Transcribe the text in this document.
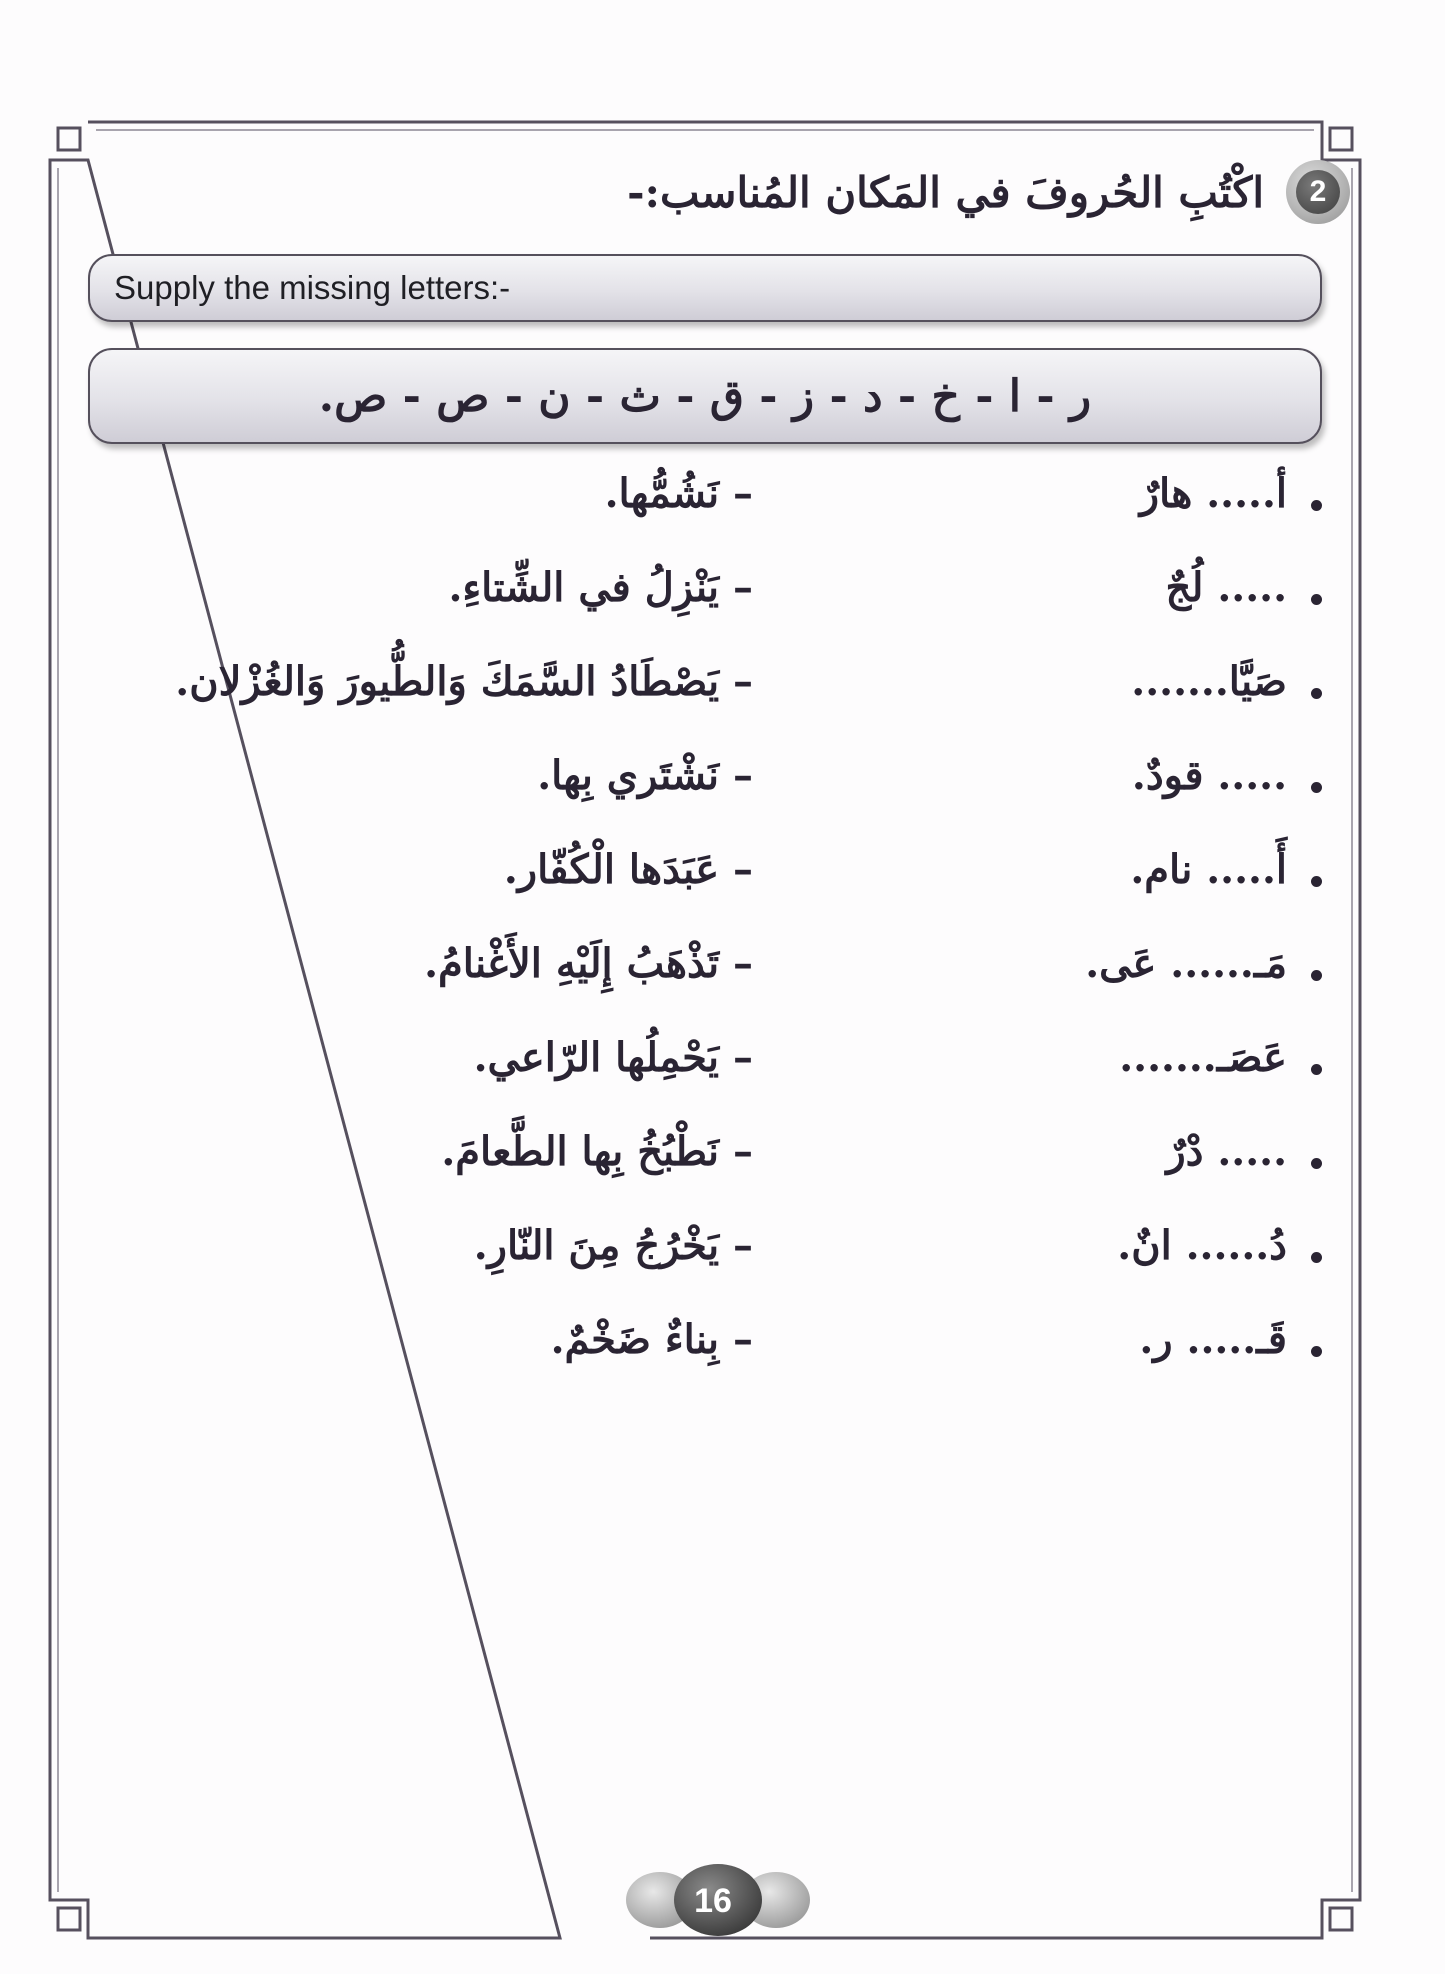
2
اكْتُبِ الحُروفَ في المَكان المُناسب:-
Supply the missing letters:-
ر - ا - خ - د - ز - ق - ث - ن - ص - ص.
أ..... هارٌ
– نَشُمُّها.
..... لُجٌ
– يَنْزِلُ في الشِّتاءِ.
صَيَّا.......
– يَصْطَادُ السَّمَكَ وَالطُّيورَ وَالغُزْلان.
..... قودٌ.
– نَشْتَري بِها.
أَ..... نام.
– عَبَدَها الْكُفّار.
مَـ...... عَى.
– تَذْهَبُ إِلَيْهِ الأَغْنامُ.
عَصَـ.......
– يَحْمِلُها الرّاعي.
..... دْرٌ
– نَطْبُخُ بِها الطَّعامَ.
دُ...... انٌ.
– يَخْرُجُ مِنَ النّارِ.
قَـ..... ر.
– بِناءٌ ضَخْمٌ.
16
